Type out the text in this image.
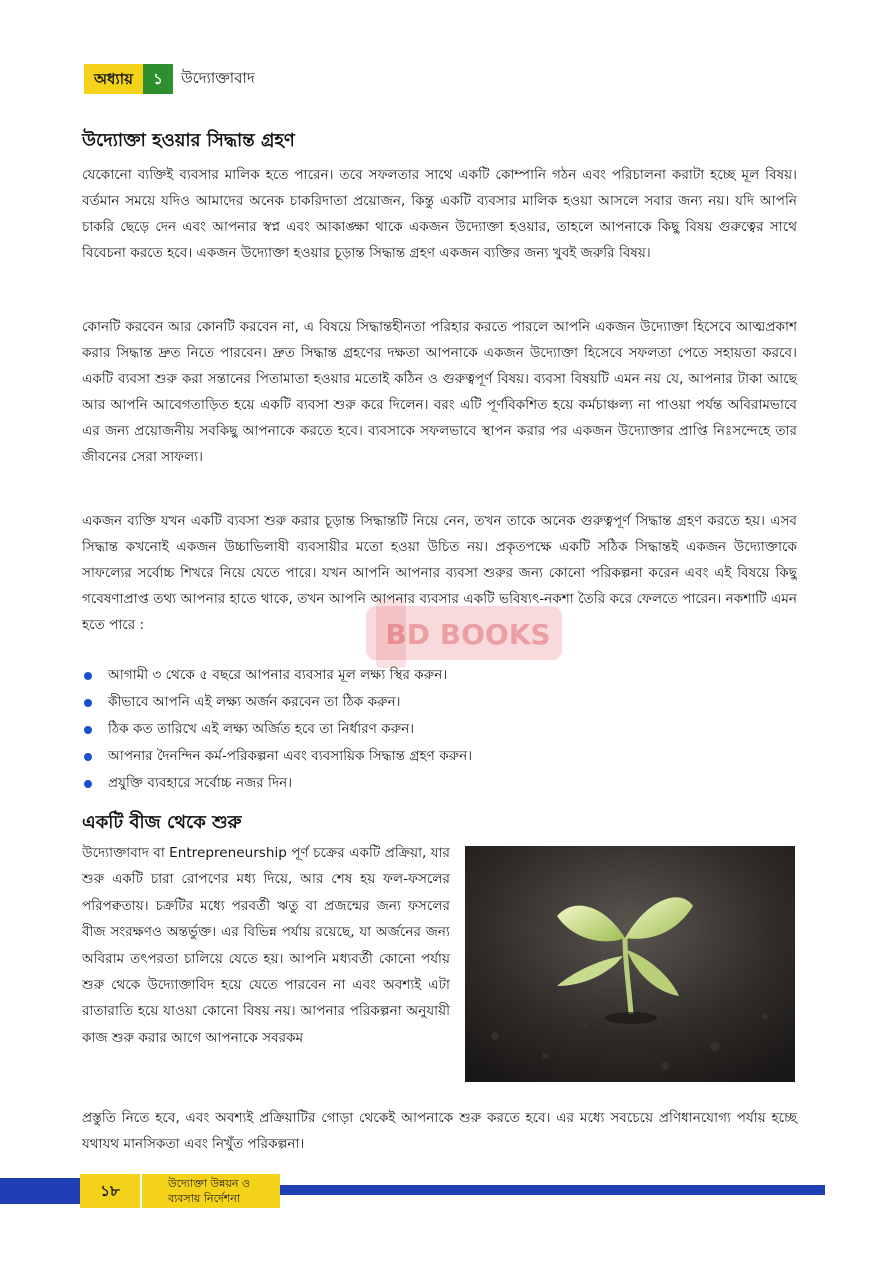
অধ্যায়	১	উদ্যোক্তাবাদ
উদ্যোক্তা হওয়ার সিদ্ধান্ত গ্রহণ

যেকোনো ব্যক্তিই ব্যবসার মালিক হতে পারেন। তবে সফলতার সাথে একটি কোম্পানি গঠন এবং পরিচালনা করাটা হচ্ছে মূল বিষয়। বর্তমান সময়ে যদিও আমাদের অনেক চাকরিদাতা প্রয়োজন, কিন্তু একটি ব্যবসার মালিক হওয়া আসলে সবার জন্য নয়। যদি আপনি চাকরি ছেড়ে দেন এবং আপনার স্বপ্ন এবং আকাঙ্ক্ষা থাকে একজন উদ্যোক্তা হওয়ার, তাহলে আপনাকে কিছু বিষয় গুরুত্বের সাথে বিবেচনা করতে হবে। একজন উদ্যোক্তা হওয়ার চূড়ান্ত সিদ্ধান্ত গ্রহণ একজন ব্যক্তির জন্য খুবই জরুরি বিষয়।

কোনটি করবেন আর কোনটি করবেন না, এ বিষয়ে সিদ্ধান্তহীনতা পরিহার করতে পারলে আপনি একজন উদ্যোক্তা হিসেবে আত্মপ্রকাশ করার সিদ্ধান্ত দ্রুত নিতে পারবেন। দ্রুত সিদ্ধান্ত গ্রহণের দক্ষতা আপনাকে একজন উদ্যোক্তা হিসেবে সফলতা পেতে সহায়তা করবে। একটি ব্যবসা শুরু করা সন্তানের পিতামাতা হওয়ার মতোই কঠিন ও গুরুত্বপূর্ণ বিষয়। ব্যবসা বিষয়টি এমন নয় যে, আপনার টাকা আছে আর আপনি আবেগতাড়িত হয়ে একটি ব্যবসা শুরু করে দিলেন। বরং এটি পূর্ণবিকশিত হয়ে কর্মচাঞ্চল্য না পাওয়া পর্যন্ত অবিরামভাবে এর জন্য প্রয়োজনীয় সবকিছু আপনাকে করতে হবে। ব্যবসাকে সফলভাবে স্থাপন করার পর একজন উদ্যোক্তার প্রাপ্তি নিঃসন্দেহে তার জীবনের সেরা সাফল্য।

একজন ব্যক্তি যখন একটি ব্যবসা শুরু করার চূড়ান্ত সিদ্ধান্তটি নিয়ে নেন, তখন তাকে অনেক গুরুত্বপূর্ণ সিদ্ধান্ত গ্রহণ করতে হয়। এসব সিদ্ধান্ত কখনোই একজন উচ্চাভিলাষী ব্যবসায়ীর মতো হওয়া উচিত নয়। প্রকৃতপক্ষে একটি সঠিক সিদ্ধান্তই একজন উদ্যোক্তাকে সাফল্যের সর্বোচ্চ শিখরে নিয়ে যেতে পারে। যখন আপনি আপনার ব্যবসা শুরুর জন্য কোনো পরিকল্পনা করেন এবং এই বিষয়ে কিছু গবেষণাপ্রাপ্ত তথ্য আপনার হাতে থাকে, তখন আপনি আপনার ব্যবসার একটি ভবিষ্যৎ-নকশা তৈরি করে ফেলতে পারেন। নকশাটি এমন হতে পারে :

আগামী ৩ থেকে ৫ বছরে আপনার ব্যবসার মূল লক্ষ্য স্থির করুন।
কীভাবে আপনি এই লক্ষ্য অর্জন করবেন তা ঠিক করুন।
ঠিক কত তারিখে এই লক্ষ্য অর্জিত হবে তা নির্ধারণ করুন।
আপনার দৈনন্দিন কর্ম-পরিকল্পনা এবং ব্যবসায়িক সিদ্ধান্ত গ্রহণ করুন।
প্রযুক্তি ব্যবহারে সর্বোচ্চ নজর দিন।
BD BOOKS
একটি বীজ থেকে শুরু

উদ্যোক্তাবাদ বা Entrepreneurship পূর্ণ চক্রের একটি প্রক্রিয়া, যার শুরু একটি চারা রোপণের মধ্য দিয়ে, আর শেষ হয় ফল-ফসলের পরিপক্বতায়। চক্রটির মধ্যে পরবর্তী ঋতু বা প্রজন্মের জন্য ফসলের বীজ সংরক্ষণও অন্তর্ভুক্ত। এর বিভিন্ন পর্যায় রয়েছে, যা অর্জনের জন্য অবিরাম তৎপরতা চালিয়ে যেতে হয়। আপনি মধ্যবর্তী কোনো পর্যায় শুরু থেকে উদ্যোক্তাবিদ হয়ে যেতে পারবেন না এবং অবশ্যই এটা রাতারাতি হয়ে যাওয়া কোনো বিষয় নয়। আপনার পরিকল্পনা অনুযায়ী কাজ শুরু করার আগে আপনাকে সবরকম

প্রস্তুতি নিতে হবে, এবং অবশ্যই প্রক্রিয়াটির গোড়া থেকেই আপনাকে শুরু করতে হবে। এর মধ্যে সবচেয়ে প্রণিধানযোগ্য পর্যায় হচ্ছে যথাযথ মানসিকতা এবং নিখুঁত পরিকল্পনা।

১৮	উদ্যোক্তা উন্নয়ন ও
ব্যবসায় নির্দেশনা
